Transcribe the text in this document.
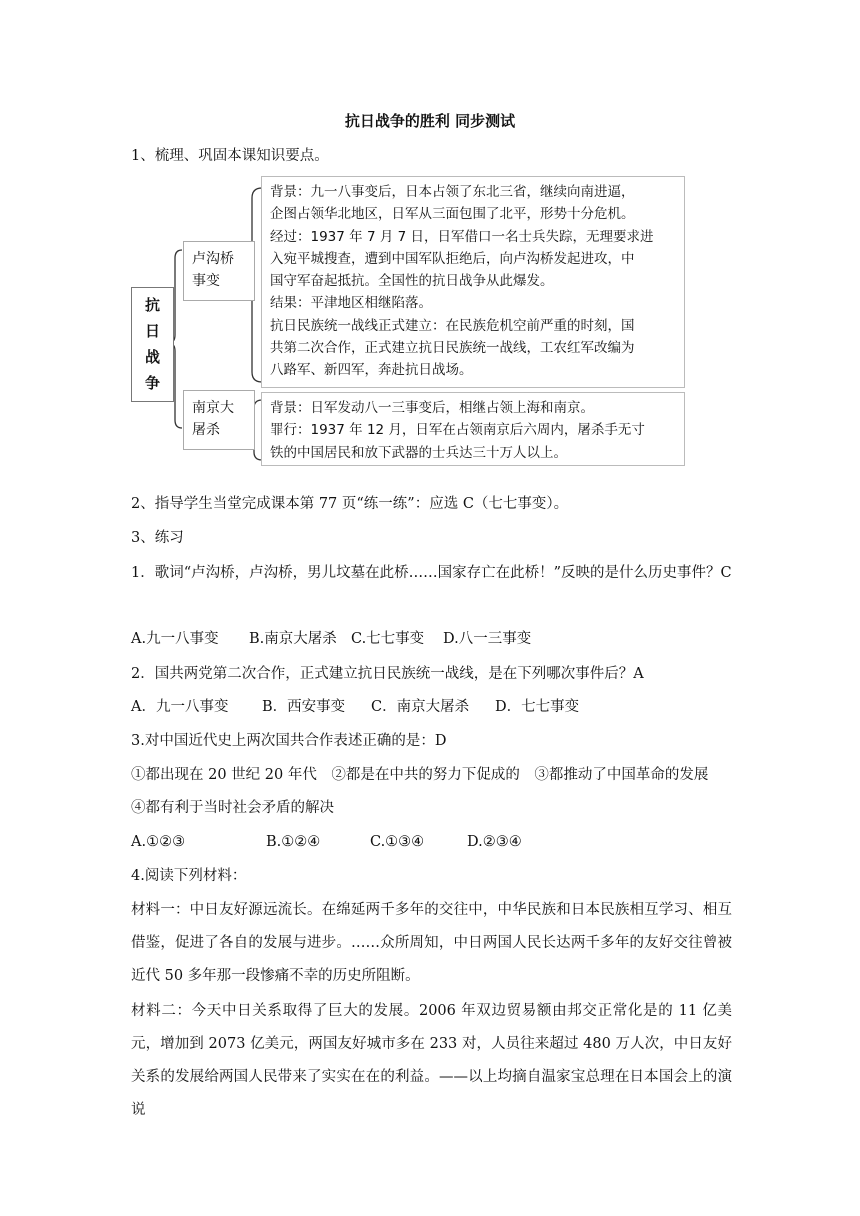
抗日战争的胜利 同步测试
1、梳理、巩固本课知识要点。
抗
日
战
争
卢沟桥
事变
南京大
屠杀
背景：九一八事变后，日本占领了东北三省，继续向南进逼，
企图占领华北地区，日军从三面包围了北平，形势十分危机。
经过：1937 年 7 月 7 日，日军借口一名士兵失踪，无理要求进
入宛平城搜查，遭到中国军队拒绝后，向卢沟桥发起进攻，中
国守军奋起抵抗。全国性的抗日战争从此爆发。
结果：平津地区相继陷落。
抗日民族统一战线正式建立：在民族危机空前严重的时刻，国
共第二次合作，正式建立抗日民族统一战线，工农红军改编为
八路军、新四军，奔赴抗日战场。
背景：日军发动八一三事变后，相继占领上海和南京。
罪行：1937 年 12 月，日军在占领南京后六周内，屠杀手无寸
铁的中国居民和放下武器的士兵达三十万人以上。
2、指导学生当堂完成课本第 77 页“练一练”：应选 C（七七事变）。
3、练习
1．歌词“卢沟桥，卢沟桥，男儿坟墓在此桥……国家存亡在此桥！”反映的是什么历史事件？C
A.九一八事变 B.南京大屠杀 C.七七事变 D.八一三事变
2．国共两党第二次合作，正式建立抗日民族统一战线，是在下列哪次事件后？A
A．九一八事变 B．西安事变 C．南京大屠杀 D．七七事变
3.对中国近代史上两次国共合作表述正确的是：D
①都出现在 20 世纪 20 年代　②都是在中共的努力下促成的　③都推动了中国革命的发展
④都有利于当时社会矛盾的解决
A.①②③	B.①②④	C.①③④	D.②③④
4.阅读下列材料：
材料一：中日友好源远流长。在绵延两千多年的交往中，中华民族和日本民族相互学习、相互借鉴，促进了各自的发展与进步。……众所周知，中日两国人民长达两千多年的友好交往曾被近代 50 多年那一段惨痛不幸的历史所阻断。
材料二：今天中日关系取得了巨大的发展。2006 年双边贸易额由邦交正常化是的 11 亿美元，增加到 2073 亿美元，两国友好城市多在 233 对，人员往来超过 480 万人次，中日友好关系的发展给两国人民带来了实实在在的利益。——以上均摘自温家宝总理在日本国会上的演说
